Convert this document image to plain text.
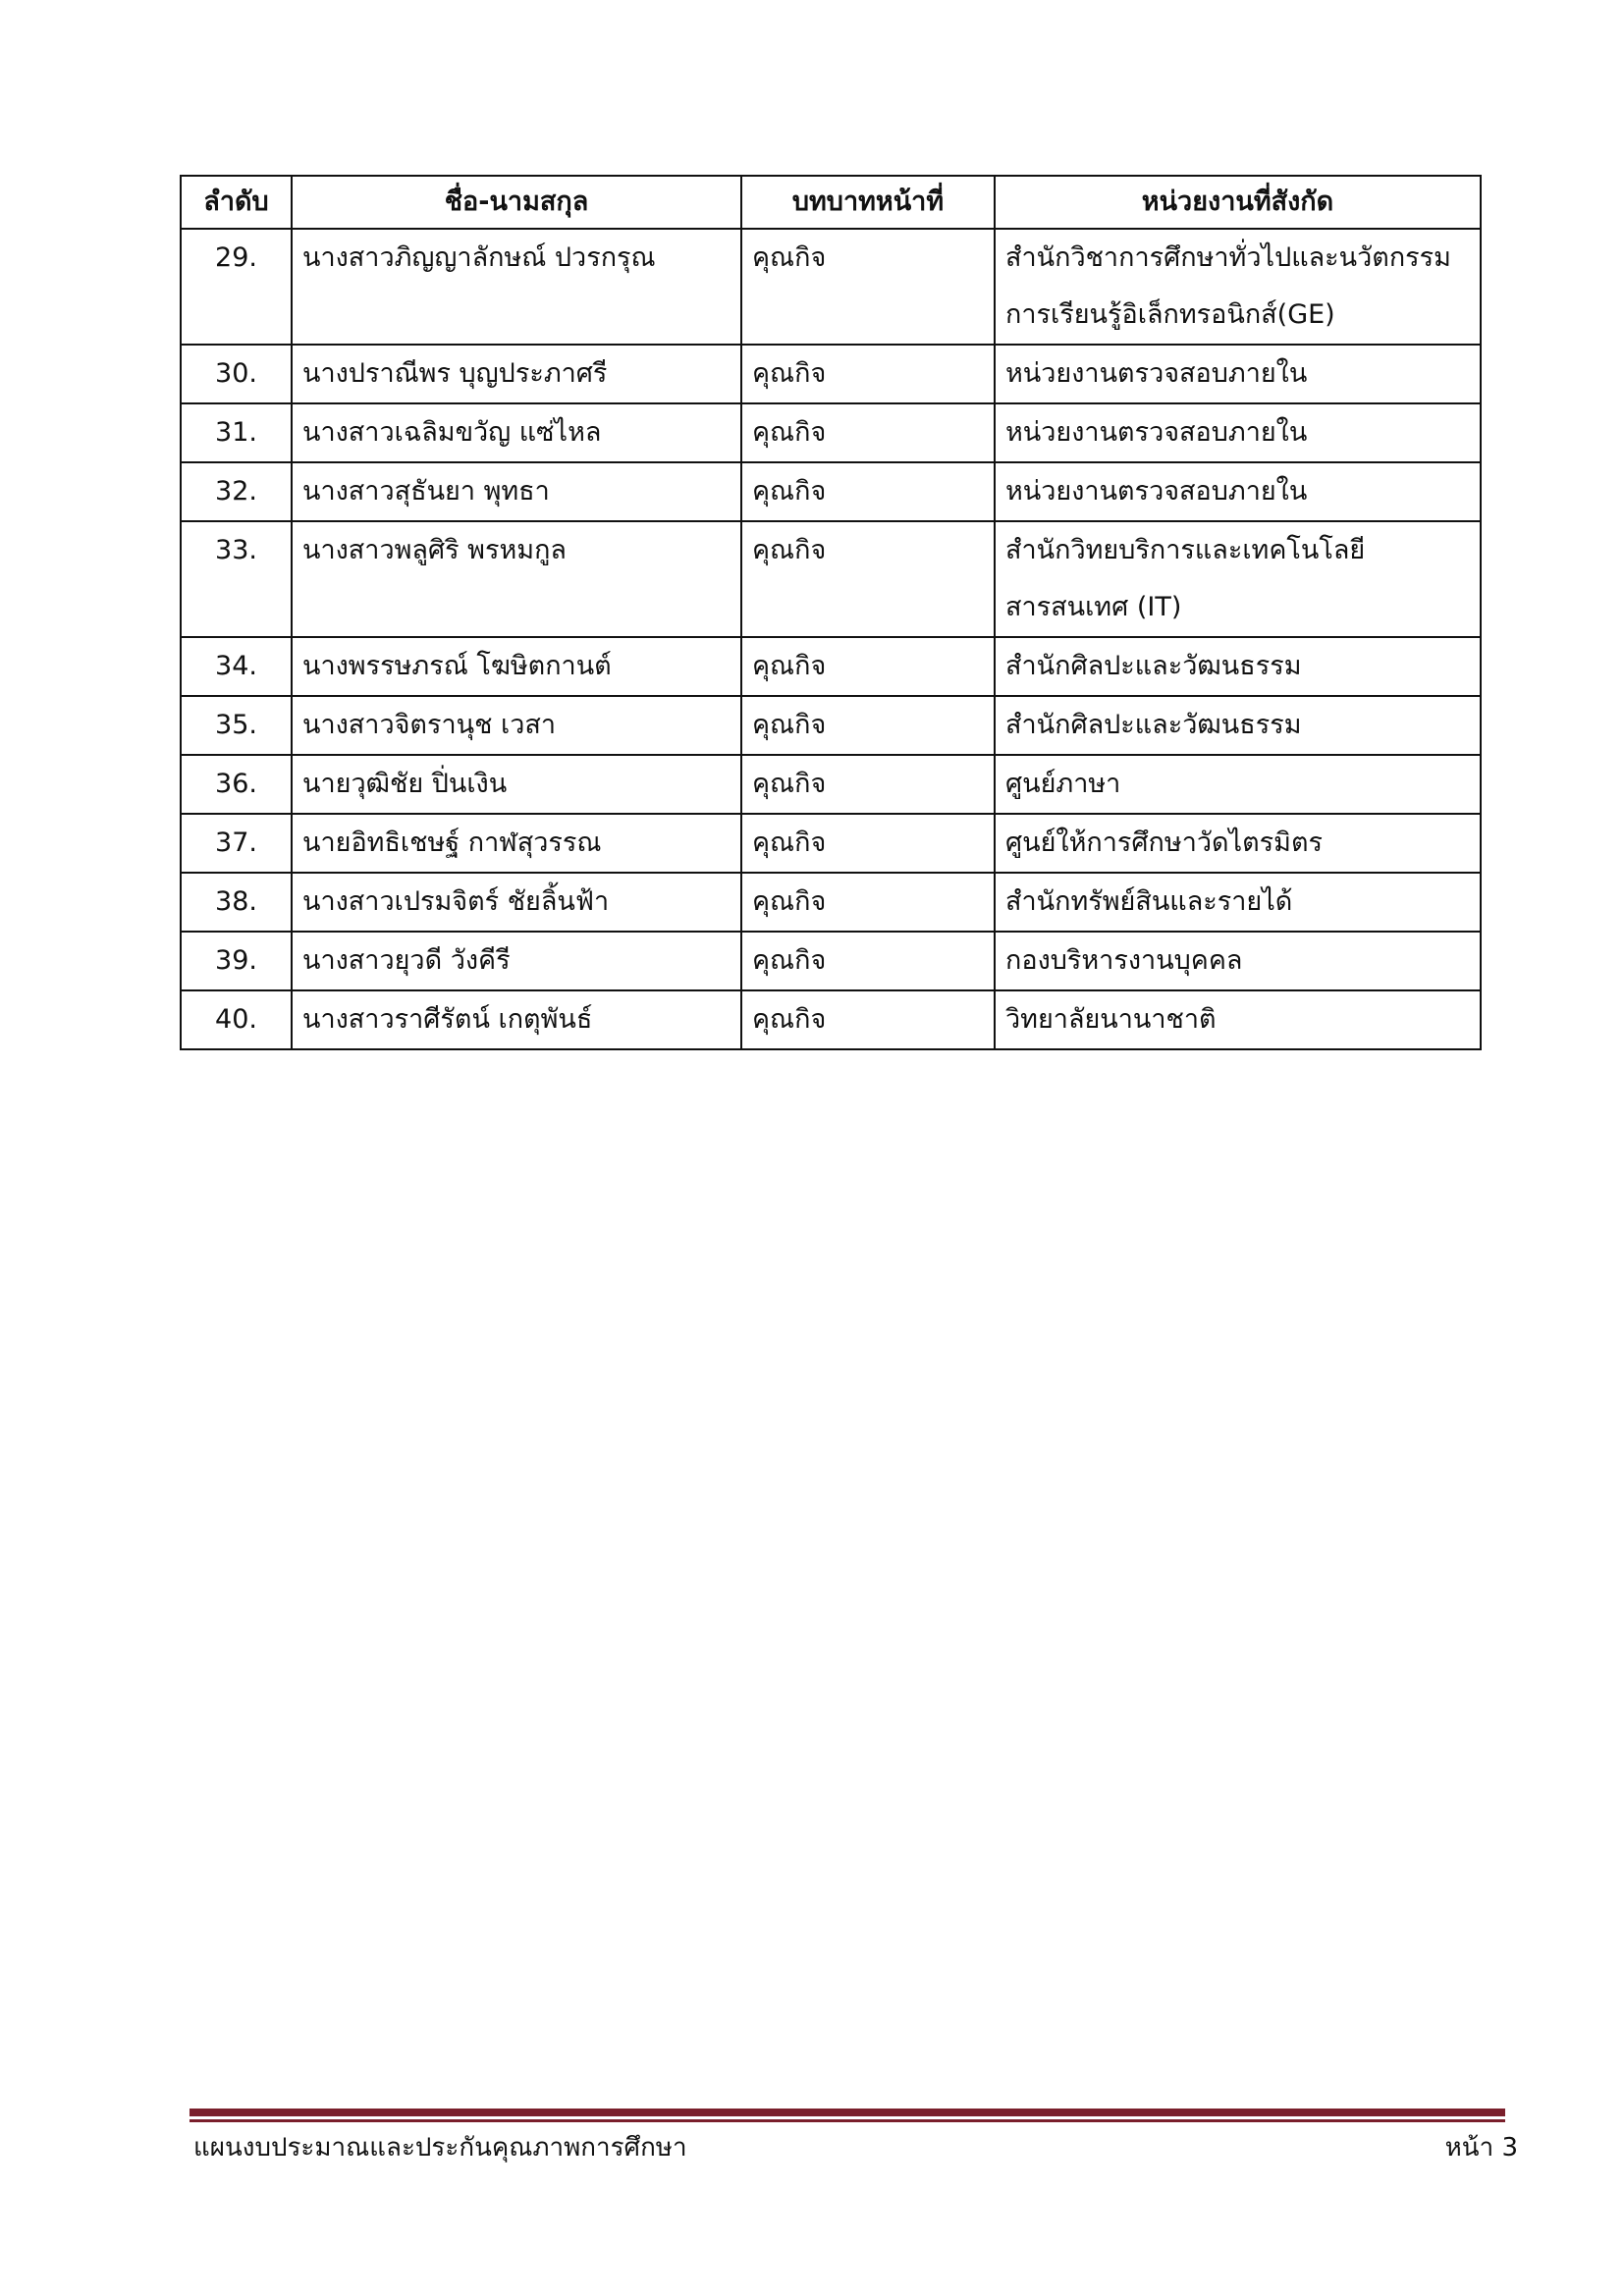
ลำดับ	ชื่อ-นามสกุล	บทบาทหน้าที่	หน่วยงานที่สังกัด
29.	นางสาวภิญญาลักษณ์ ปวรกรุณ	คุณกิจ	สำนักวิชาการศึกษาทั่วไปและนวัตกรรม
การเรียนรู้อิเล็กทรอนิกส์(GE)

30.	นางปราณีพร บุญประภาศรี	คุณกิจ	หน่วยงานตรวจสอบภายใน
31.	นางสาวเฉลิมขวัญ แซ่ไหล	คุณกิจ	หน่วยงานตรวจสอบภายใน
32.	นางสาวสุธันยา พุทธา	คุณกิจ	หน่วยงานตรวจสอบภายใน
33.	นางสาวพลูศิริ พรหมกูล	คุณกิจ	สำนักวิทยบริการและเทคโนโลยี
สารสนเทศ (IT)

34.	นางพรรษภรณ์ โฆษิตกานต์	คุณกิจ	สำนักศิลปะและวัฒนธรรม
35.	นางสาวจิตรานุช เวสา	คุณกิจ	สำนักศิลปะและวัฒนธรรม
36.	นายวุฒิชัย ปิ่นเงิน	คุณกิจ	ศูนย์ภาษา
37.	นายอิทธิเชษฐ์ กาฬสุวรรณ	คุณกิจ	ศูนย์ให้การศึกษาวัดไตรมิตร
38.	นางสาวเปรมจิตร์ ชัยลิ้นฟ้า	คุณกิจ	สำนักทรัพย์สินและรายได้
39.	นางสาวยุวดี วังคีรี	คุณกิจ	กองบริหารงานบุคคล
40.	นางสาวราศีรัตน์ เกตุพันธ์	คุณกิจ	วิทยาลัยนานาชาติ
แผนงบประมาณและประกันคุณภาพการศึกษา	หน้า 3
